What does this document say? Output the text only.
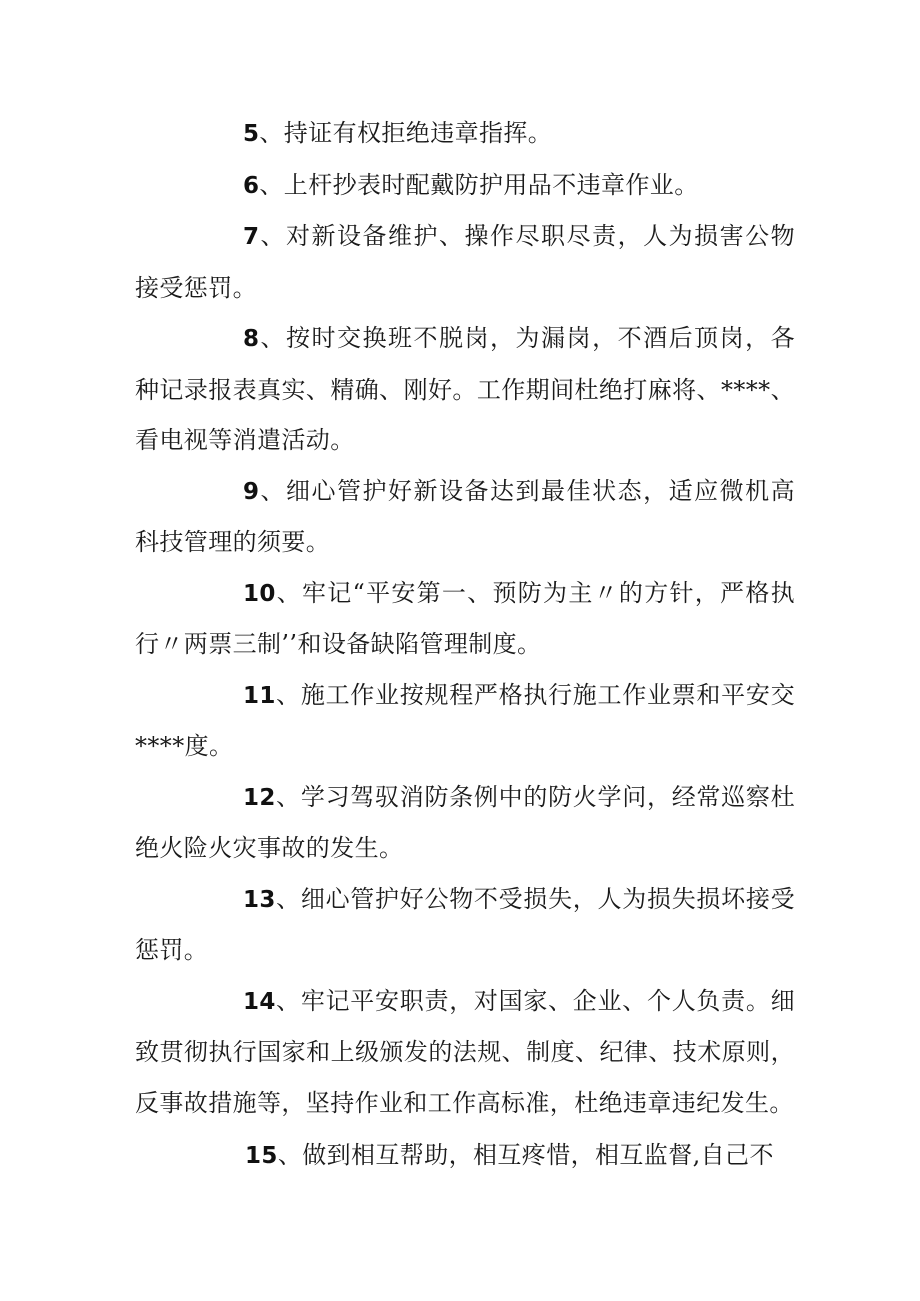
5、持证有权拒绝违章指挥。

6、上杆抄表时配戴防护用品不违章作业。

7、对新设备维护、操作尽职尽责，人为损害公物接受惩罚。

8、按时交换班不脱岗，为漏岗，不酒后顶岗，各种记录报表真实、精确、刚好。工作期间杜绝打麻将、****、看电视等消遣活动。

9、细心管护好新设备达到最佳状态，适应微机高科技管理的须要。

10、牢记“平安第一、预防为主〃的方针，严格执行〃两票三制’’和设备缺陷管理制度。

11、施工作业按规程严格执行施工作业票和平安交****度。

12、学习驾驭消防条例中的防火学问，经常巡察杜绝火险火灾事故的发生。

13、细心管护好公物不受损失，人为损失损坏接受惩罚。

14、牢记平安职责，对国家、企业、个人负责。细致贯彻执行国家和上级颁发的法规、制度、纪律、技术原则，反事故措施等，坚持作业和工作高标准，杜绝违章违纪发生。

15、做到相互帮助，相互疼惜，相互监督,自己不
